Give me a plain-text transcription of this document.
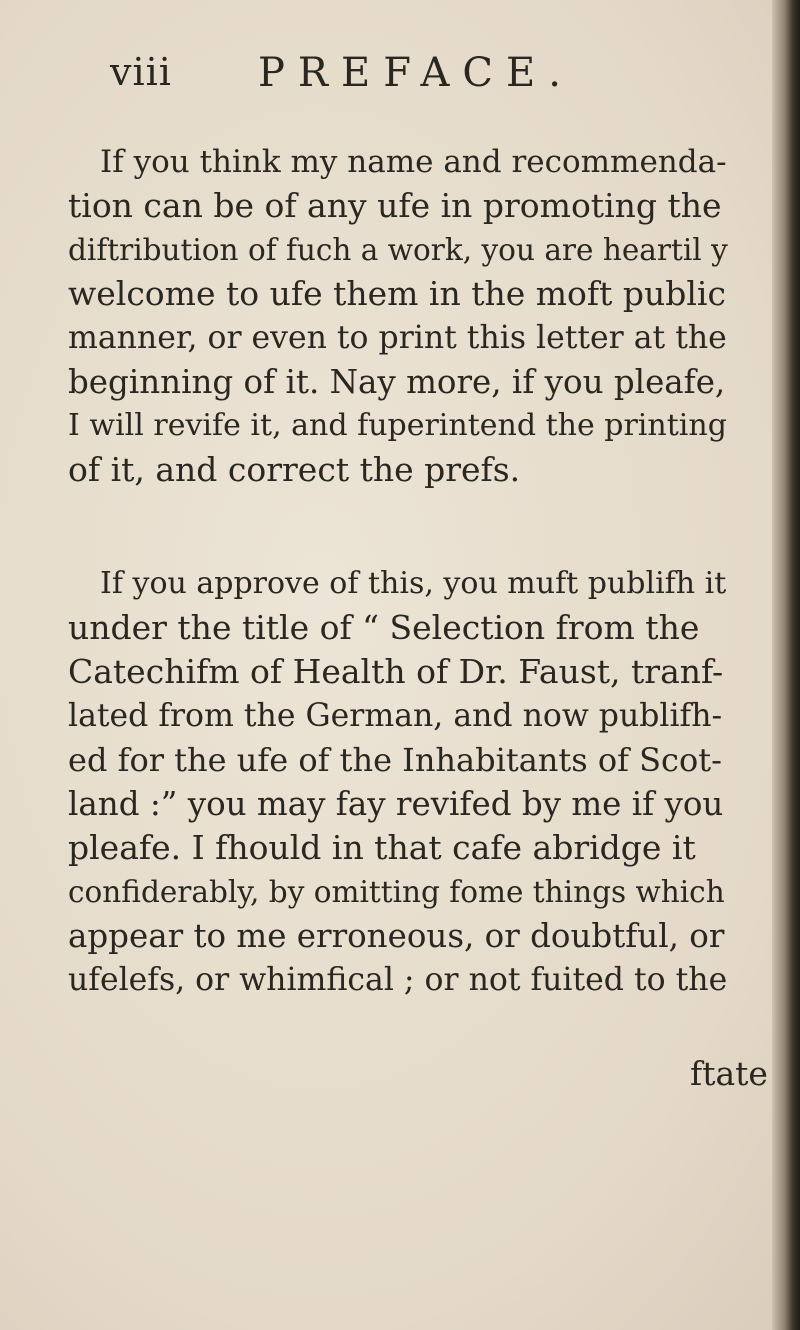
viii PREFACE.
If you think my name and recommenda-
tion can be of any ufe in promoting the
diftribution of fuch a work, you are heartil y
welcome to ufe them in the moft public
manner, or even to print this letter at the
beginning of it. Nay more, if you pleafe,
I will revife it, and fuperintend the printing
of it, and correct the prefs.
If you approve of this, you muft publifh it
under the title of “ Selection from the
Catechifm of Health of Dr. Faust, tranf-
lated from the German, and now publifh-
ed for the ufe of the Inhabitants of Scot-
land :” you may fay revifed by me if you
pleafe. I fhould in that cafe abridge it
confiderably, by omitting fome things which
appear to me erroneous, or doubtful, or
ufelefs, or whimfical ; or not fuited to the
ftate
